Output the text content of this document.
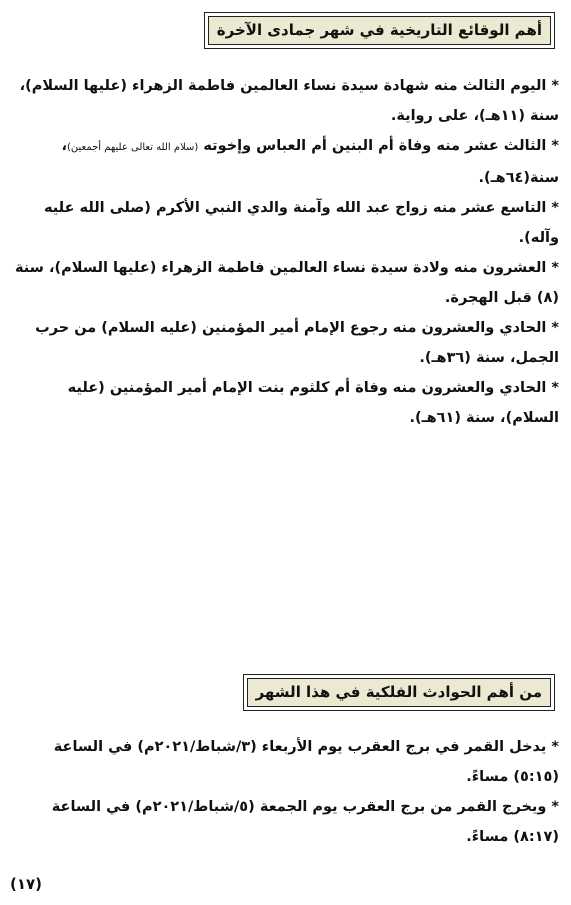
أهم الوقائع التاريخية في شهر جمادى الآخرة

* اليوم الثالث منه شهادة سيدة نساء العالمين فاطمة الزهراء (عليها السلام)، سنة (١١هـ)، على رواية.

* الثالث عشر منه وفاة أم البنين أم العباس وإخوته (سلام الله تعالى عليهم أجمعين)، سنة(٦٤هـ).

* التاسع عشر منه زواج عبد الله وآمنة والدي النبي الأكرم (صلى الله عليه وآله).

* العشرون منه ولادة سيدة نساء العالمين فاطمة الزهراء (عليها السلام)، سنة (٨) قبل الهجرة.

* الحادي والعشرون منه رجوع الإمام أمير المؤمنين (عليه السلام) من حرب الجمل، سنة (٣٦هـ).

* الحادي والعشرون منه وفاة أم كلثوم بنت الإمام أمير المؤمنين (عليه السلام)، سنة (٦١هـ).

من أهم الحوادث الفلكية في هذا الشهر

* يدخل القمر في برج العقرب يوم الأربعاء (٣/شباط/٢٠٢١م) في الساعة (٥:١٥) مساءً.

* ويخرج القمر من برج العقرب يوم الجمعة (٥/شباط/٢٠٢١م) في الساعة (٨:١٧) مساءً.

(١٧)
